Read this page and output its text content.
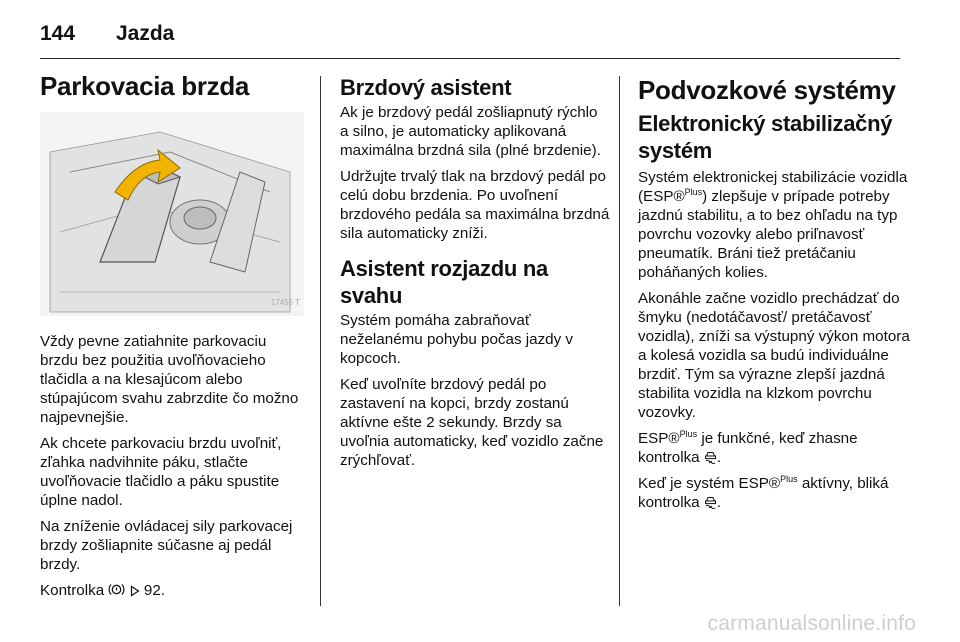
144 Jazda
Parkovacia brzda
17456 T

Vždy pevne zatiahnite parkovaciu brzdu bez použitia uvoľňovacieho tlačidla a na klesajúcom alebo stúpajúcom svahu zabrzdite čo možno najpevnejšie.

Ak chcete parkovaciu brzdu uvoľniť, zľahka nadvihnite páku, stlačte uvoľňovacie tlačidlo a páku spustite úplne nadol.

Na zníženie ovládacej sily parkovacej brzdy zošliapnite súčasne aj pedál brzdy.

Kontrolka	92.

Brzdový asistent

Ak je brzdový pedál zošliapnutý rýchlo a silno, je automaticky aplikovaná maximálna brzdná sila (plné brzdenie).

Udržujte trvalý tlak na brzdový pedál po celú dobu brzdenia. Po uvoľnení brzdového pedála sa maximálna brzdná sila automaticky zníži.

Asistent rozjazdu na svahu

Systém pomáha zabraňovať neželanému pohybu počas jazdy v kopcoch.

Keď uvoľníte brzdový pedál po zastavení na kopci, brzdy zostanú aktívne ešte 2 sekundy. Brzdy sa uvoľnia automaticky, keď vozidlo začne zrýchľovať.

Podvozkové systémy
Elektronický stabilizačný systém

Systém elektronickej stabilizácie vozidla (ESP®$^{Plus}$) zlepšuje v prípade potreby jazdnú stabilitu, a to bez ohľadu na typ povrchu vozovky alebo priľnavosť pneumatík. Bráni tiež pretáčaniu poháňaných kolies.

Akonáhle začne vozidlo prechádzať do šmyku (nedotáčavosť/ pretáčavosť vozidla), zníži sa výstupný výkon motora a kolesá vozidla sa budú individuálne brzdiť. Tým sa výrazne zlepší jazdná stabilita vozidla na klzkom povrchu vozovky.

ESP®$^{Plus}$ je funkčné, keď zhasne kontrolka .

Keď je systém ESP®$^{Plus}$ aktívny, bliká kontrolka .

carmanualsonline.info
